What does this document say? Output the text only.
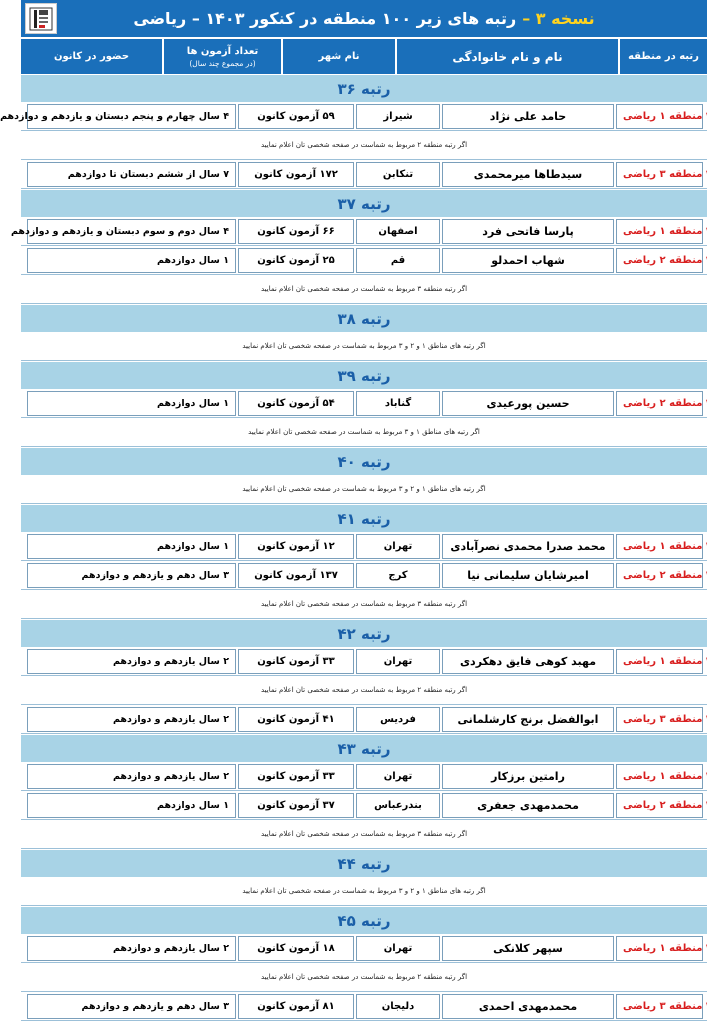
نسخه ۳ –
رتبه های زیر ۱۰۰ منطقه در کنکور ۱۴۰۳ – ریاضی
رتبه در منطقه
نام و نام خانوادگی
نام شهر
تعداد آزمون ها
(در مجموع چند سال)
حضور در کانون
رتبه ۳۶
منطقه ۱ ریاضی
حامد علی نژاد
شیراز
۵۹ آزمون کانون
۴ سال چهارم و پنجم دبستان و یازدهم و دوازدهم
اگر رتبه منطقه ۲ مربوط به شماست در صفحه شخصی تان اعلام نمایید
منطقه ۳ ریاضی
سیدطاها میرمحمدی
تنکابن
۱۷۲ آزمون کانون
۷ سال از ششم دبستان تا دوازدهم
رتبه ۳۷
منطقه ۱ ریاضی
پارسا فاتحی فرد
اصفهان
۶۶ آزمون کانون
۴ سال دوم و سوم دبستان و یازدهم و دوازدهم
منطقه ۲ ریاضی
شهاب احمدلو
قم
۲۵ آزمون کانون
۱ سال دوازدهم
اگر رتبه منطقه ۳ مربوط به شماست در صفحه شخصی تان اعلام نمایید
رتبه ۳۸
اگر رتبه های مناطق ۱ و ۲ و ۳ مربوط به شماست در صفحه شخصی تان اعلام نمایید
رتبه ۳۹
منطقه ۲ ریاضی
حسین پورعیدی
گناباد
۵۴ آزمون کانون
۱ سال دوازدهم
اگر رتبه های مناطق ۱ و ۳ مربوط به شماست در صفحه شخصی تان اعلام نمایید
رتبه ۴۰
اگر رتبه های مناطق ۱ و ۲ و ۳ مربوط به شماست در صفحه شخصی تان اعلام نمایید
رتبه ۴۱
منطقه ۱ ریاضی
محمد صدرا محمدی نصرآبادی
تهران
۱۲ آزمون کانون
۱ سال دوازدهم
منطقه ۲ ریاضی
امیرشایان سلیمانی نیا
کرج
۱۳۷ آزمون کانون
۳ سال دهم و یازدهم و دوازدهم
اگر رتبه منطقه ۳ مربوط به شماست در صفحه شخصی تان اعلام نمایید
رتبه ۴۲
منطقه ۱ ریاضی
مهبد کوهی فایق دهکردی
تهران
۳۳ آزمون کانون
۲ سال یازدهم و دوازدهم
اگر رتبه منطقه ۲ مربوط به شماست در صفحه شخصی تان اعلام نمایید
منطقه ۳ ریاضی
ابوالفضل برنج کارشلمانی
فردیس
۴۱ آزمون کانون
۲ سال یازدهم و دوازدهم
رتبه ۴۳
منطقه ۱ ریاضی
رامتین برزکار
تهران
۳۳ آزمون کانون
۲ سال یازدهم و دوازدهم
منطقه ۲ ریاضی
محمدمهدی جعفری
بندرعباس
۳۷ آزمون کانون
۱ سال دوازدهم
اگر رتبه منطقه ۳ مربوط به شماست در صفحه شخصی تان اعلام نمایید
رتبه ۴۴
اگر رتبه های مناطق ۱ و ۲ و ۳ مربوط به شماست در صفحه شخصی تان اعلام نمایید
رتبه ۴۵
منطقه ۱ ریاضی
سپهر کلانکی
تهران
۱۸ آزمون کانون
۲ سال یازدهم و دوازدهم
اگر رتبه منطقه ۲ مربوط به شماست در صفحه شخصی تان اعلام نمایید
منطقه ۳ ریاضی
محمدمهدی احمدی
دلیجان
۸۱ آزمون کانون
۳ سال دهم و یازدهم و دوازدهم
